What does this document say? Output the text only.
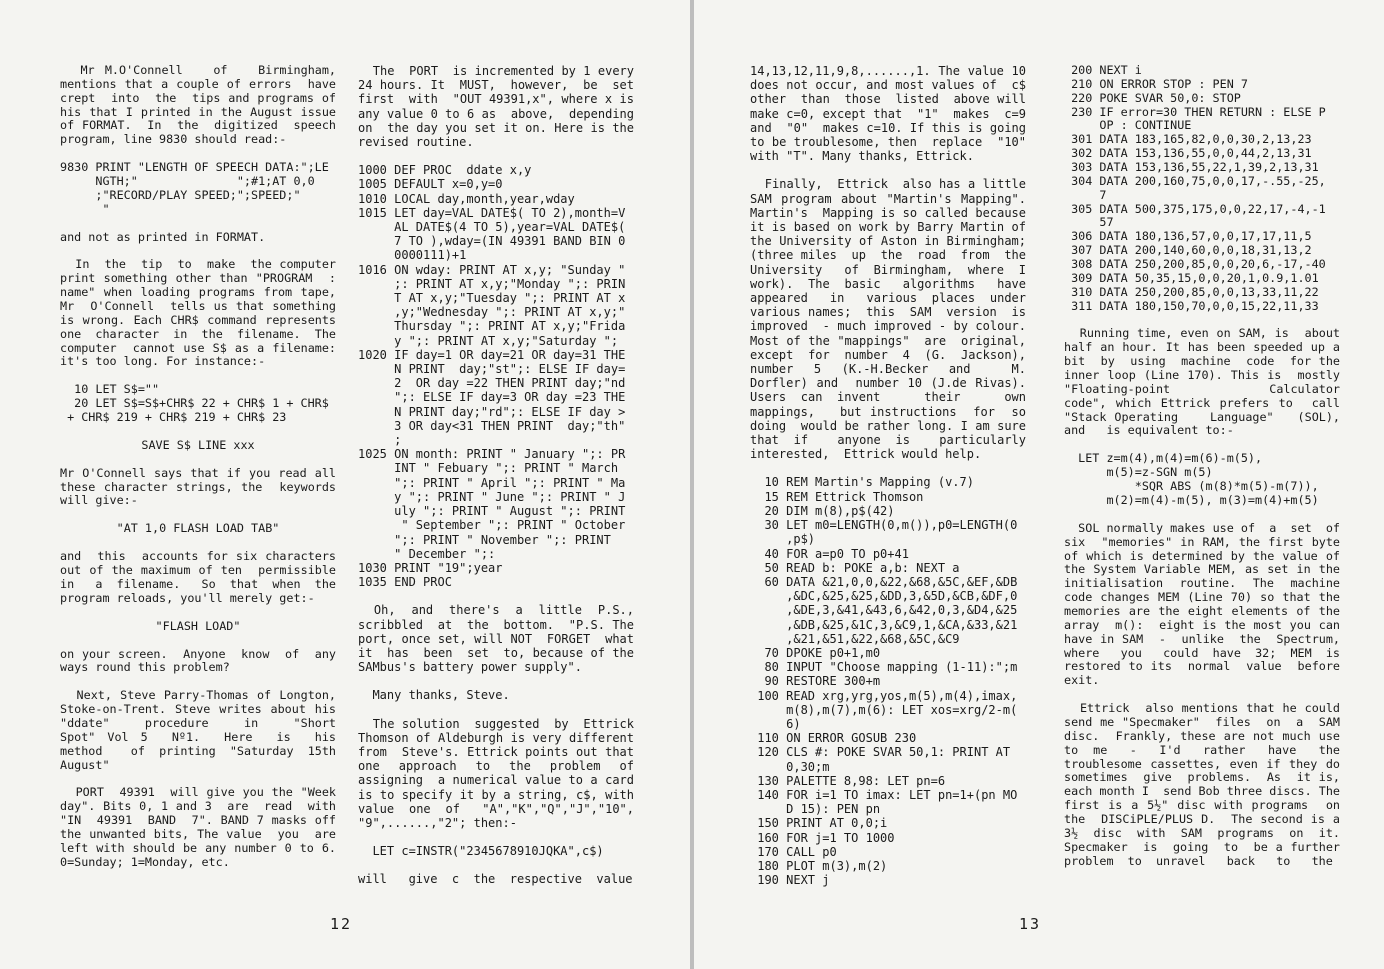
Mr M.O'Connell   of   Birmingham, mentions that a couple of errors  have crept  into  the  tips and programs of his that I printed in the August issue of FORMAT.  In  the  digitized  speech program, line 9830 should read:-
9830 PRINT "LENGTH OF SPEECH DATA:";LE
NGTH;"              ";#1;AT 0,0
;"RECORD/PLAY SPEED;";SPEED;"
"
and not as printed in FORMAT.
In  the  tip  to  make  the computer print something other than "PROGRAM  : name" when loading programs from tape, Mr  O'Connell  tells us that something is wrong. Each CHR$ command represents one  character  in  the  filename.  The computer  cannot use S$ as a filename: it's too long. For instance:-
10 LET S$=""
20 LET S$=S$+CHR$ 22 + CHR$ 1 + CHR$
+ CHR$ 219 + CHR$ 219 + CHR$ 23
SAVE S$ LINE xxx
Mr O'Connell says that if you read all these character strings, the  keywords will give:-
"AT 1,0 FLASH LOAD TAB"
and  this  accounts for six characters out of the maximum of ten  permissible in   a  filename.   So  that  when  the program reloads, you'll merely get:-
"FLASH LOAD"
on your screen.  Anyone  know  of  any ways round this problem?
Next, Steve Parry-Thomas of Longton, Stoke-on-Trent. Steve writes about his "ddate"   procedure   in   "Short  Spot" Vol 5  Nº1.  Here  is  his  method  of printing "Saturday 15th August"
PORT  49391  will give you the "Week day". Bits 0, 1 and 3  are  read  with "IN  49391  BAND  7". BAND 7 masks off the unwanted bits, The value  you  are left with should be any number 0 to 6. 0=Sunday; 1=Monday, etc.
The  PORT  is incremented by 1 every 24 hours. It  MUST,  however,  be  set first  with  "OUT 49391,x", where x is any value 0 to 6 as  above,  depending on  the day you set it on. Here is the revised routine.
1000 DEF PROC  ddate x,y
1005 DEFAULT x=0,y=0
1010 LOCAL day,month,year,wday
1015 LET day=VAL DATE$( TO 2),month=V
AL DATE$(4 TO 5),year=VAL DATE$(
7 TO ),wday=(IN 49391 BAND BIN 0
0000111)+1
1016 ON wday: PRINT AT x,y; "Sunday "
;: PRINT AT x,y;"Monday ";: PRIN
T AT x,y;"Tuesday ";: PRINT AT x
,y;"Wednesday ";: PRINT AT x,y;"
Thursday ";: PRINT AT x,y;"Frida
y ";: PRINT AT x,y;"Saturday ";
1020 IF day=1 OR day=21 OR day=31 THE
N PRINT  day;"st";: ELSE IF day=
2  OR day =22 THEN PRINT day;"nd
";: ELSE IF day=3 OR day =23 THE
N PRINT day;"rd";: ELSE IF day >
3 OR day<31 THEN PRINT  day;"th"
;
1025 ON month: PRINT " January ";: PR
INT " Febuary ";: PRINT " March
";: PRINT " April ";: PRINT " Ma
y ";: PRINT " June ";: PRINT " J
uly ";: PRINT " August ";: PRINT
" September ";: PRINT " October
";: PRINT " November ";: PRINT
" December ";:
1030 PRINT "19";year
1035 END PROC
Oh,  and  there's  a  little  P.S., scribbled  at  the  bottom.  "P.S. The port, once set, will NOT  FORGET  what it  has  been  set  to, because of the SAMbus's battery power supply".
Many thanks, Steve.
The solution  suggested  by  Ettrick Thomson of Aldeburgh is very different from  Steve's. Ettrick points out that one  approach  to  the  problem  of assigning  a numerical value to a card is to specify it by a string, c$, with value  one  of   "A","K","Q","J","10", "9",......,"2"; then:-
LET c=INSTR("2345678910JQKA",c$)
will   give  c  the  respective  value
12
14,13,12,11,9,8,......,1. The value 10 does not occur, and most values of  c$ other  than  those  listed  above will make c=0, except that  "1"  makes  c=9 and  "0"  makes c=10. If this is going to be troublesome, then  replace  "10" with "T". Many thanks, Ettrick.
Finally,  Ettrick  also has a little SAM program about "Martin's Mapping". Martin's  Mapping is so called because it is based on work by Barry Martin of the University of Aston in Birmingham; (three miles  up  the  road  from  the University   of  Birmingham,  where  I work).  The  basic   algorithms   have appeared   in   various  places  under various names;  this  SAM  version  is improved  - much improved - by colour. Most of the "mappings"  are  original, except  for  number  4  (G.  Jackson), number 5 (K.-H.Becker and  M.  Dorfler) and  number 10 (J.de Rivas). Users can invent   their   own   mappings,   but instructions  for  so  doing  would be rather long. I am sure that if  anyone is  particularly  interested,  Ettrick would help.
10 REM Martin's Mapping (v.7)
15 REM Ettrick Thomson
20 DIM m(8),p$(42)
30 LET m0=LENGTH(0,m()),p0=LENGTH(0
,p$)
40 FOR a=p0 TO p0+41
50 READ b: POKE a,b: NEXT a
60 DATA &21,0,0,&22,&68,&5C,&EF,&DB
,&DC,&25,&25,&DD,3,&5D,&CB,&DF,0
,&DE,3,&41,&43,6,&42,0,3,&D4,&25
,&DB,&25,&1C,3,&C9,1,&CA,&33,&21
,&21,&51,&22,&68,&5C,&C9
70 DPOKE p0+1,m0
80 INPUT "Choose mapping (1-11):";m
90 RESTORE 300+m
100 READ xrg,yrg,yos,m(5),m(4),imax,
m(8),m(7),m(6): LET xos=xrg/2-m(
6)
110 ON ERROR GOSUB 230
120 CLS #: POKE SVAR 50,1: PRINT AT
0,30;m
130 PALETTE 8,98: LET pn=6
140 FOR i=1 TO imax: LET pn=1+(pn MO
D 15): PEN pn
150 PRINT AT 0,0;i
160 FOR j=1 TO 1000
170 CALL p0
180 PLOT m(3),m(2)
190 NEXT j
200 NEXT i
210 ON ERROR STOP : PEN 7
220 POKE SVAR 50,0: STOP
230 IF error=30 THEN RETURN : ELSE P
OP : CONTINUE
301 DATA 183,165,82,0,0,30,2,13,23
302 DATA 153,136,55,0,0,44,2,13,31
303 DATA 153,136,55,22,1,39,2,13,31
304 DATA 200,160,75,0,0,17,-.55,-25,
7
305 DATA 500,375,175,0,0,22,17,-4,-1
57
306 DATA 180,136,57,0,0,17,17,11,5
307 DATA 200,140,60,0,0,18,31,13,2
308 DATA 250,200,85,0,0,20,6,-17,-40
309 DATA 50,35,15,0,0,20,1,0.9,1.01
310 DATA 250,200,85,0,0,13,33,11,22
311 DATA 180,150,70,0,0,15,22,11,33
Running time, even on SAM, is  about half an hour. It has been speeded up a bit  by  using  machine  code  for the inner loop (Line 170). This is  mostly "Floating-point     Calculator     code", which Ettrick prefers to  call  "Stack Operating    Language"   (SOL),   and   is equivalent to:-
LET z=m(4),m(4)=m(6)-m(5),
m(5)=z-SGN m(5)
*SQR ABS (m(8)*m(5)-m(7)),
m(2)=m(4)-m(5), m(3)=m(4)+m(5)
SOL normally makes use of  a  set  of six  "memories" in RAM, the first byte of which is determined by the value of the System Variable MEM, as set in the initialisation  routine.  The  machine code changes MEM (Line 70) so that the memories are the eight elements of the array  m():  eight is the most you can have in SAM  -  unlike  the  Spectrum, where   you   could  have  32;  MEM  is restored to its  normal  value  before exit.
Ettrick  also mentions that he could send me "Specmaker"  files  on  a  SAM disc.  Frankly, these are not much use to  me   -   I'd   rather   have   the troublesome cassettes, even if they do sometimes  give  problems.  As  it is, each month I  send Bob three discs. The first is a 5½" disc with programs  on the  DISCiPLE/PLUS D.  The second is a 3½  disc  with  SAM  programs  on  it. Specmaker  is  going  to  be a further problem  to  unravel   back   to   the
13
